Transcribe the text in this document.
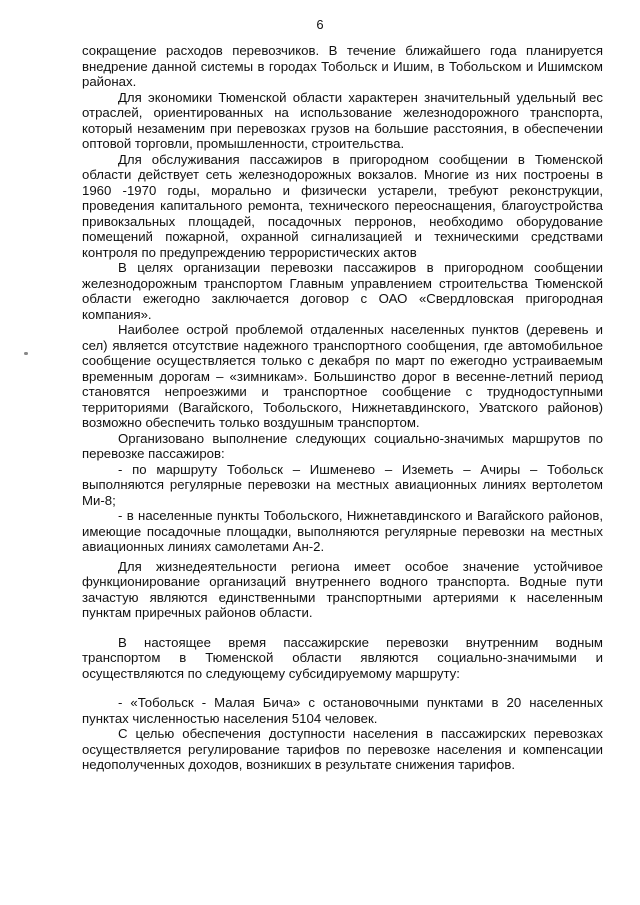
6

сокращение расходов перевозчиков. В течение ближайшего года планируется внедрение данной системы в городах Тобольск и Ишим, в Тобольском и Ишимском районах.

Для экономики Тюменской области характерен значительный удельный вес отраслей, ориентированных на использование железнодорожного транспорта, который незаменим при перевозках грузов на большие расстояния, в обеспечении оптовой торговли, промышленности, строительства.

Для обслуживания пассажиров в пригородном сообщении в Тюменской области действует сеть железнодорожных вокзалов. Многие из них построены в 1960 -1970 годы, морально и физически устарели, требуют реконструкции, проведения капитального ремонта, технического переоснащения, благоустройства привокзальных площадей, посадочных перронов, необходимо оборудование помещений пожарной, охранной сигнализацией и техническими средствами контроля по предупреждению террористических актов

В целях организации перевозки пассажиров в пригородном сообщении железнодорожным транспортом Главным управлением строительства Тюменской области ежегодно заключается договор с ОАО «Свердловская пригородная компания».

Наиболее острой проблемой отдаленных населенных пунктов (деревень и сел) является отсутствие надежного транспортного сообщения, где автомобильное сообщение осуществляется только с декабря по март по ежегодно устраиваемым временным дорогам – «зимникам». Большинство дорог в весенне-летний период становятся непроезжими и транспортное сообщение с труднодоступными территориями (Вагайского, Тобольского, Нижнетавдинского, Уватского районов) возможно обеспечить только воздушным транспортом.

Организовано выполнение следующих социально-значимых маршрутов по перевозке пассажиров:

- по маршруту Тобольск – Ишменево – Иземеть – Ачиры – Тобольск выполняются регулярные перевозки на местных авиационных линиях вертолетом Ми-8;

- в населенные пункты Тобольского, Нижнетавдинского и Вагайского районов, имеющие посадочные площадки, выполняются регулярные перевозки на местных авиационных линиях самолетами Ан-2.

Для жизнедеятельности региона имеет особое значение устойчивое функционирование организаций внутреннего водного транспорта. Водные пути зачастую являются единственными транспортными артериями к населенным пунктам приречных районов области.

В настоящее время пассажирские перевозки внутренним водным транспортом в Тюменской области являются социально-значимыми и осуществляются по следующему субсидируемому маршруту:

- «Тобольск - Малая Бича» с остановочными пунктами в 20 населенных пунктах численностью населения 5104 человек.

С целью обеспечения доступности населения в пассажирских перевозках осуществляется регулирование тарифов по перевозке населения и компенсации недополученных доходов, возникших в результате снижения тарифов.
